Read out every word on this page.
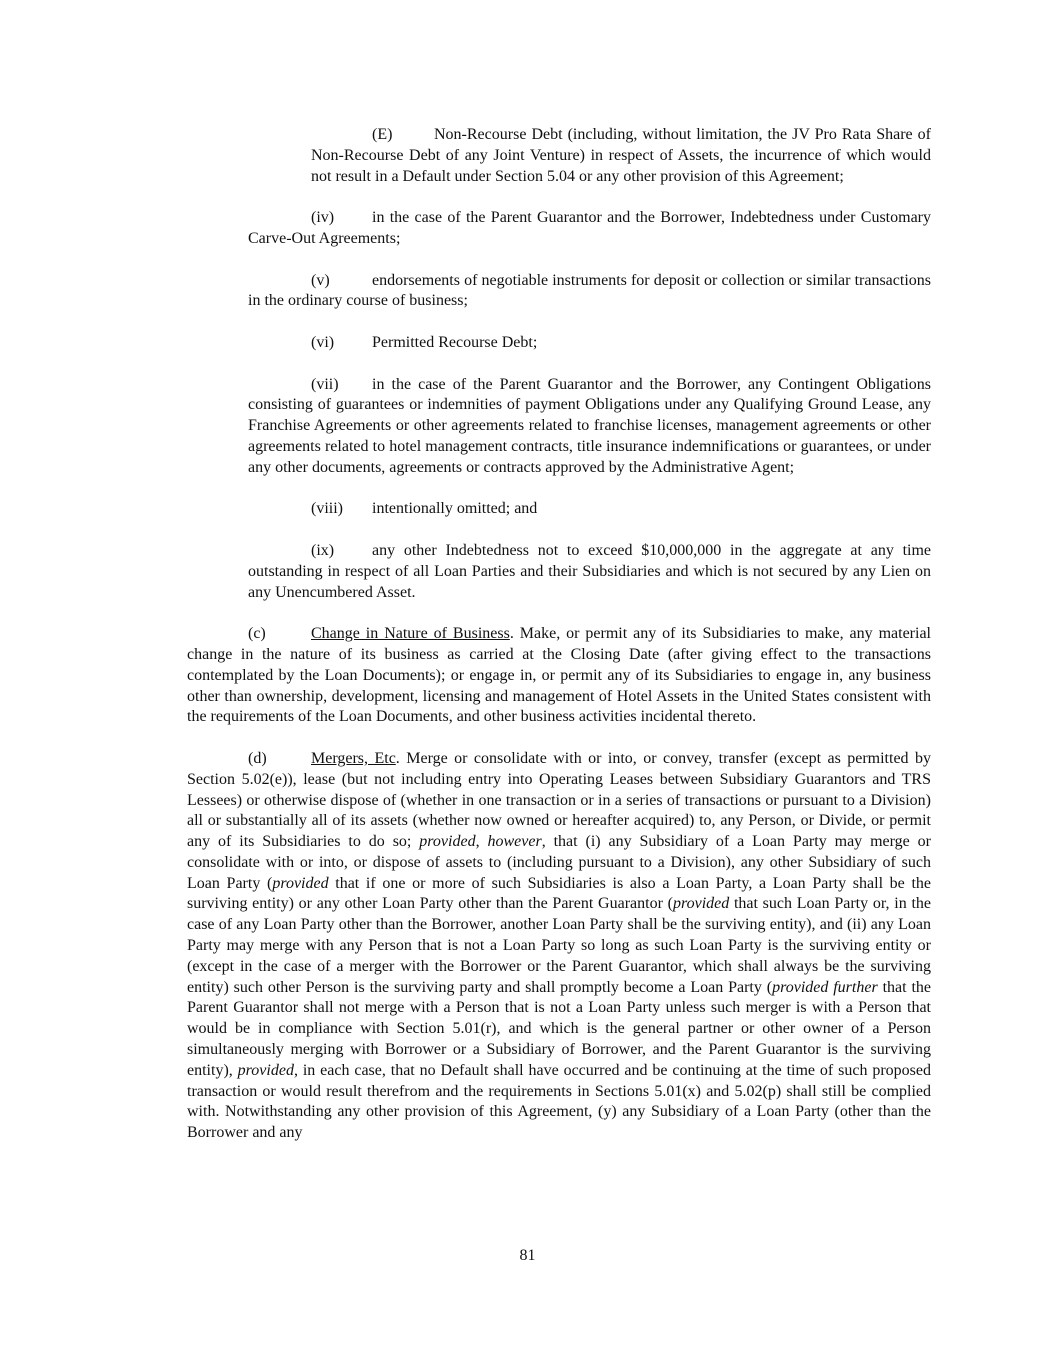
(E)	Non-Recourse Debt (including, without limitation, the JV Pro Rata Share of Non-Recourse Debt of any Joint Venture) in respect of Assets, the incurrence of which would not result in a Default under Section 5.04 or any other provision of this Agreement;

(iv) in the case of the Parent Guarantor and the Borrower, Indebtedness under Customary Carve-Out Agreements;

(v)	endorsements of negotiable instruments for deposit or collection or similar transactions in the ordinary course of business;

(vi) Permitted Recourse Debt;

(vii) in the case of the Parent Guarantor and the Borrower, any Contingent Obligations consisting of guarantees or indemnities of payment Obligations under any Qualifying Ground Lease, any Franchise Agreements or other agreements related to franchise licenses, management agreements or other agreements related to hotel management contracts, title insurance indemnifications or guarantees, or under any other documents, agreements or contracts approved by the Administrative Agent;

(viii) intentionally omitted; and

(ix) any other Indebtedness not to exceed $10,000,000 in the aggregate at any time outstanding in respect of all Loan Parties and their Subsidiaries and which is not secured by any Lien on any Unencumbered Asset.

(c)	Change in Nature of Business. Make, or permit any of its Subsidiaries to make, any material change in the nature of its business as carried at the Closing Date (after giving effect to the transactions contemplated by the Loan Documents); or engage in, or permit any of its Subsidiaries to engage in, any business other than ownership, development, licensing and management of Hotel Assets in the United States consistent with the requirements of the Loan Documents, and other business activities incidental thereto.

(d)	Mergers, Etc. Merge or consolidate with or into, or convey, transfer (except as permitted by Section 5.02(e)), lease (but not including entry into Operating Leases between Subsidiary Guarantors and TRS Lessees) or otherwise dispose of (whether in one transaction or in a series of transactions or pursuant to a Division) all or substantially all of its assets (whether now owned or hereafter acquired) to, any Person, or Divide, or permit any of its Subsidiaries to do so; provided, however, that (i) any Subsidiary of a Loan Party may merge or consolidate with or into, or dispose of assets to (including pursuant to a Division), any other Subsidiary of such Loan Party (provided that if one or more of such Subsidiaries is also a Loan Party, a Loan Party shall be the surviving entity) or any other Loan Party other than the Parent Guarantor (provided that such Loan Party or, in the case of any Loan Party other than the Borrower, another Loan Party shall be the surviving entity), and (ii) any Loan Party may merge with any Person that is not a Loan Party so long as such Loan Party is the surviving entity or (except in the case of a merger with the Borrower or the Parent Guarantor, which shall always be the surviving entity) such other Person is the surviving party and shall promptly become a Loan Party (provided further that the Parent Guarantor shall not merge with a Person that is not a Loan Party unless such merger is with a Person that would be in compliance with Section 5.01(r), and which is the general partner or other owner of a Person simultaneously merging with Borrower or a Subsidiary of Borrower, and the Parent Guarantor is the surviving entity), provided, in each case, that no Default shall have occurred and be continuing at the time of such proposed transaction or would result therefrom and the requirements in Sections 5.01(x) and 5.02(p) shall still be complied with. Notwithstanding any other provision of this Agreement, (y) any Subsidiary of a Loan Party (other than the Borrower and any

81
